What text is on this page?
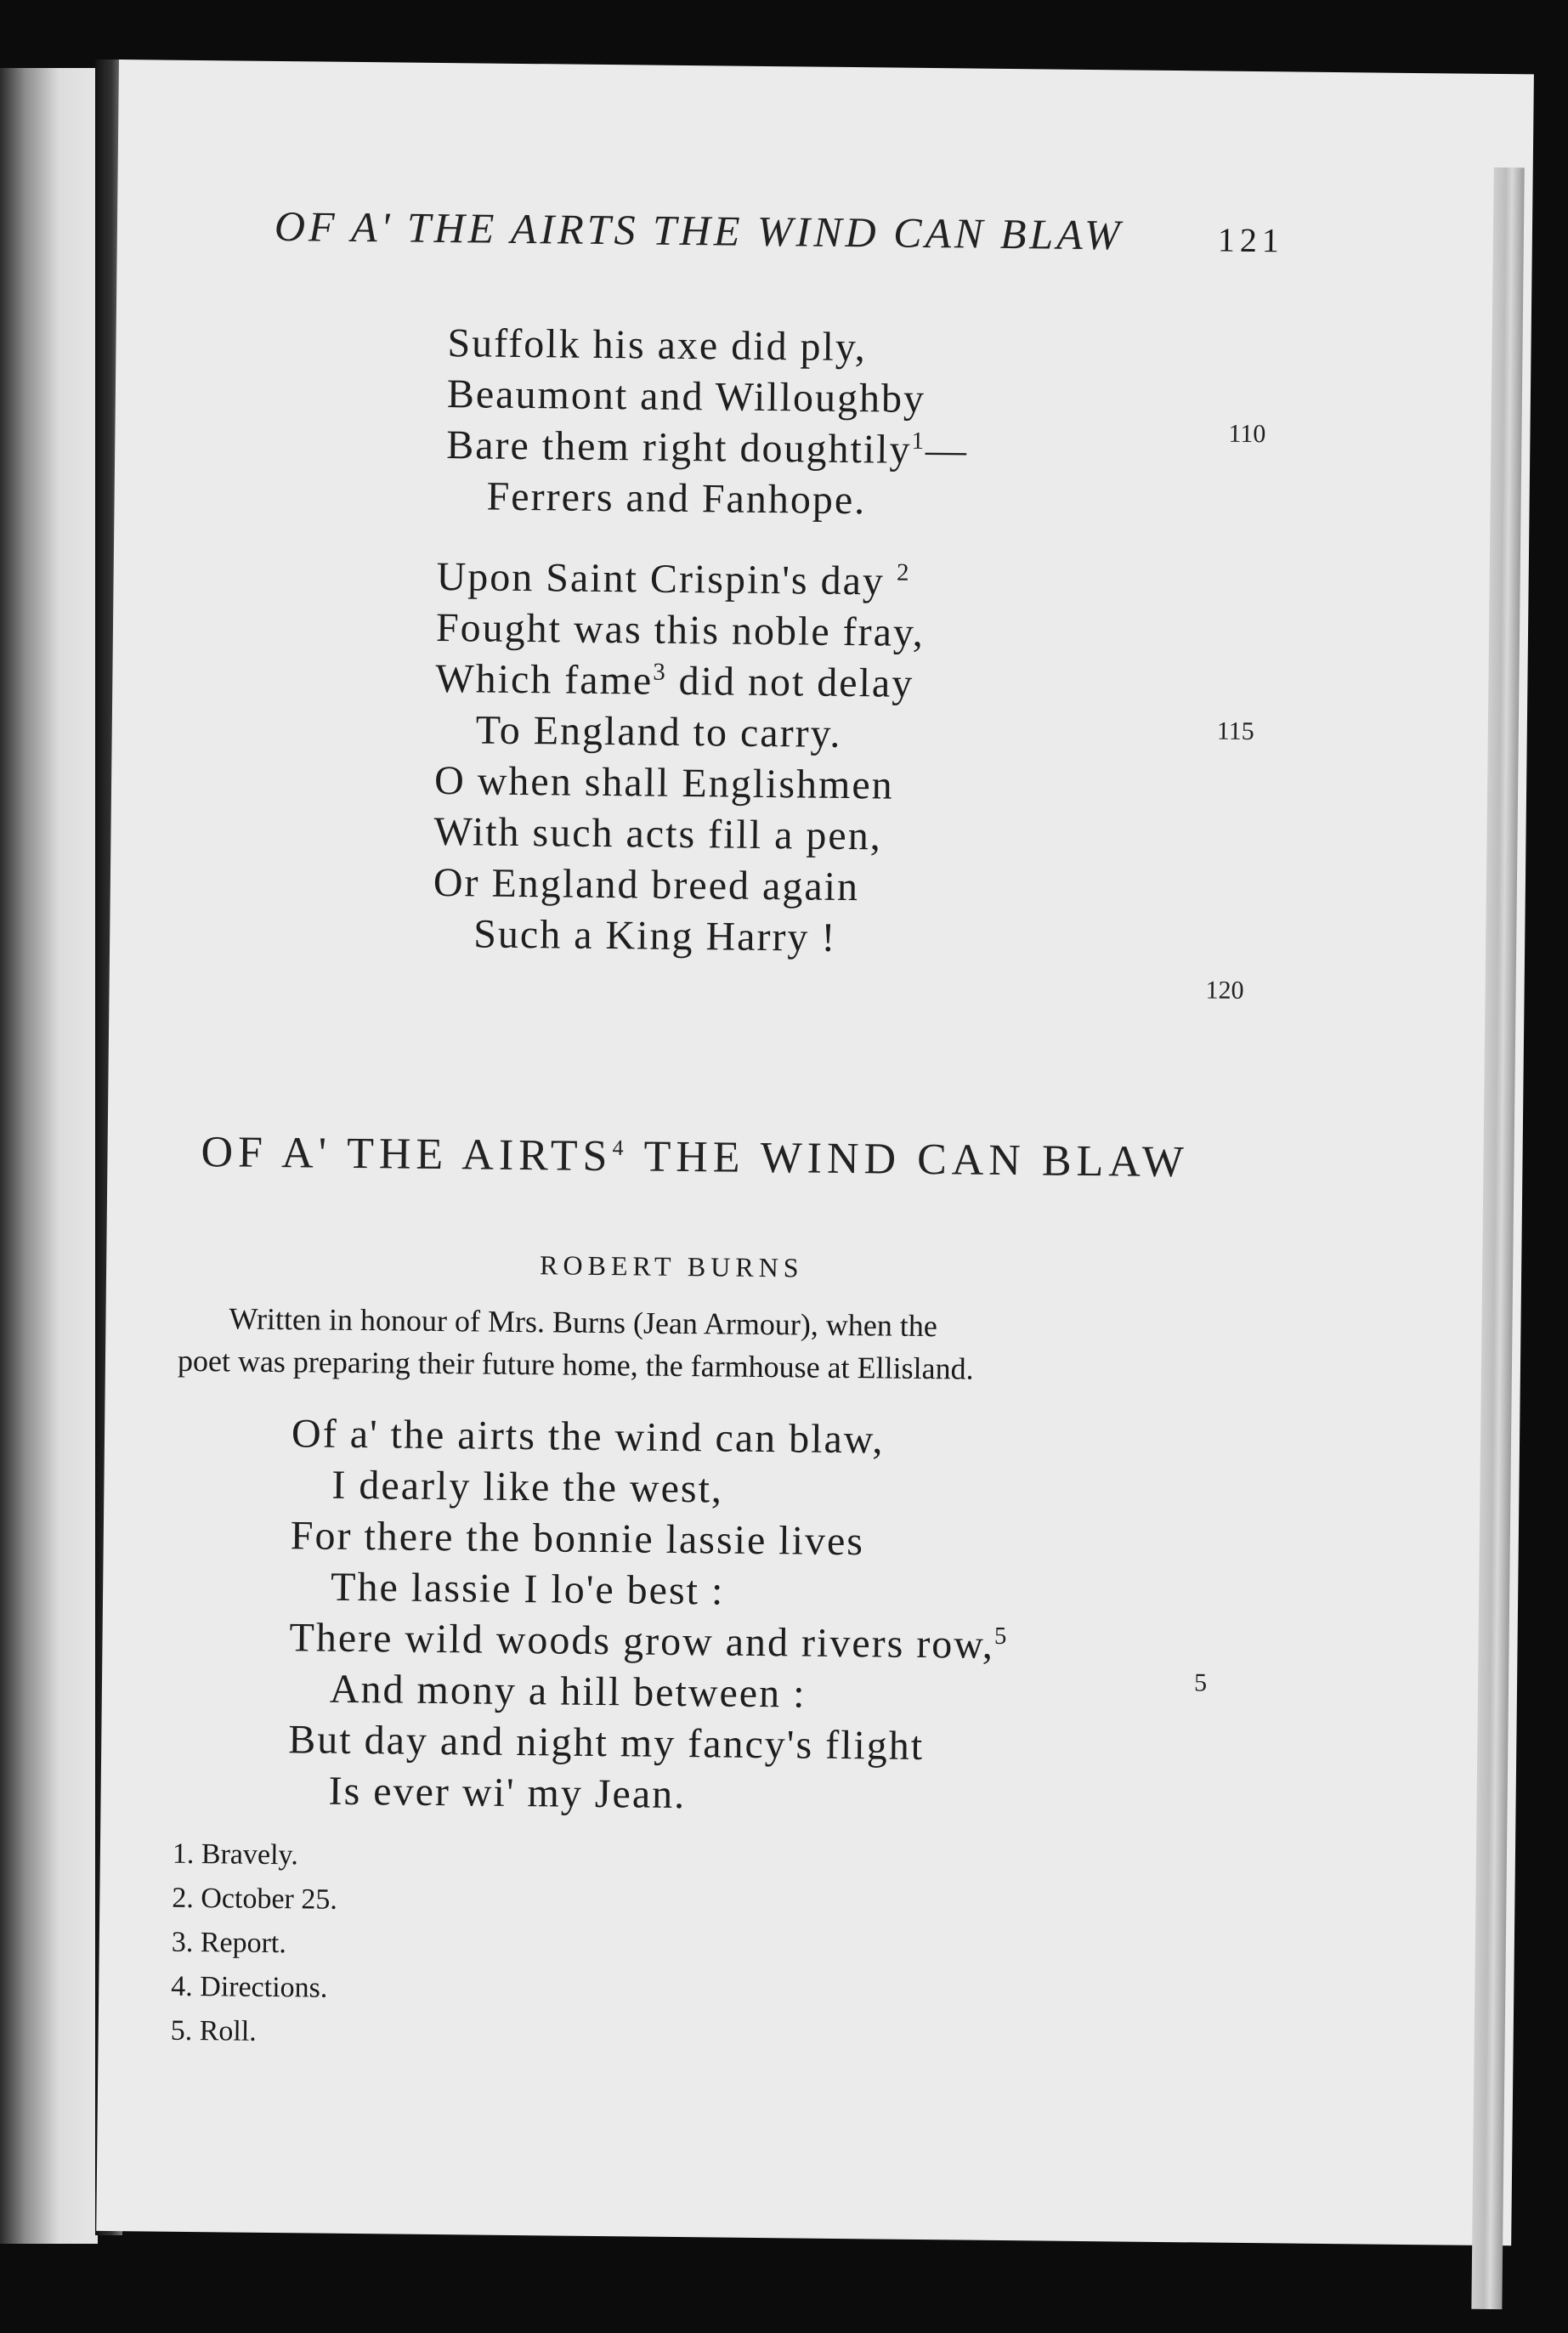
OF A' THE AIRTS THE WIND CAN BLAW	121
Suffolk his axe did ply,
Beaumont and Willoughby
Bare them right doughtily$^1$—
Ferrers and Fanhope.
110
Upon Saint Crispin's day $^2$
Fought was this noble fray,
Which fame$^3$ did not delay
To England to carry.
O when shall Englishmen
With such acts fill a pen,
Or England breed again
Such a King Harry !
115
120
OF A' THE AIRTS$^4$ THE WIND CAN BLAW
ROBERT BURNS

Written in honour of Mrs. Burns (Jean Armour), when the

poet was preparing their future home, the farmhouse at Ellisland.

Of a' the airts the wind can blaw,
I dearly like the west,
For there the bonnie lassie lives
The lassie I lo'e best :
There wild woods grow and rivers row,$^5$
And mony a hill between :
But day and night my fancy's flight
Is ever wi' my Jean.
5
1. Bravely.
2. October 25.
3. Report.
4. Directions.
5. Roll.
